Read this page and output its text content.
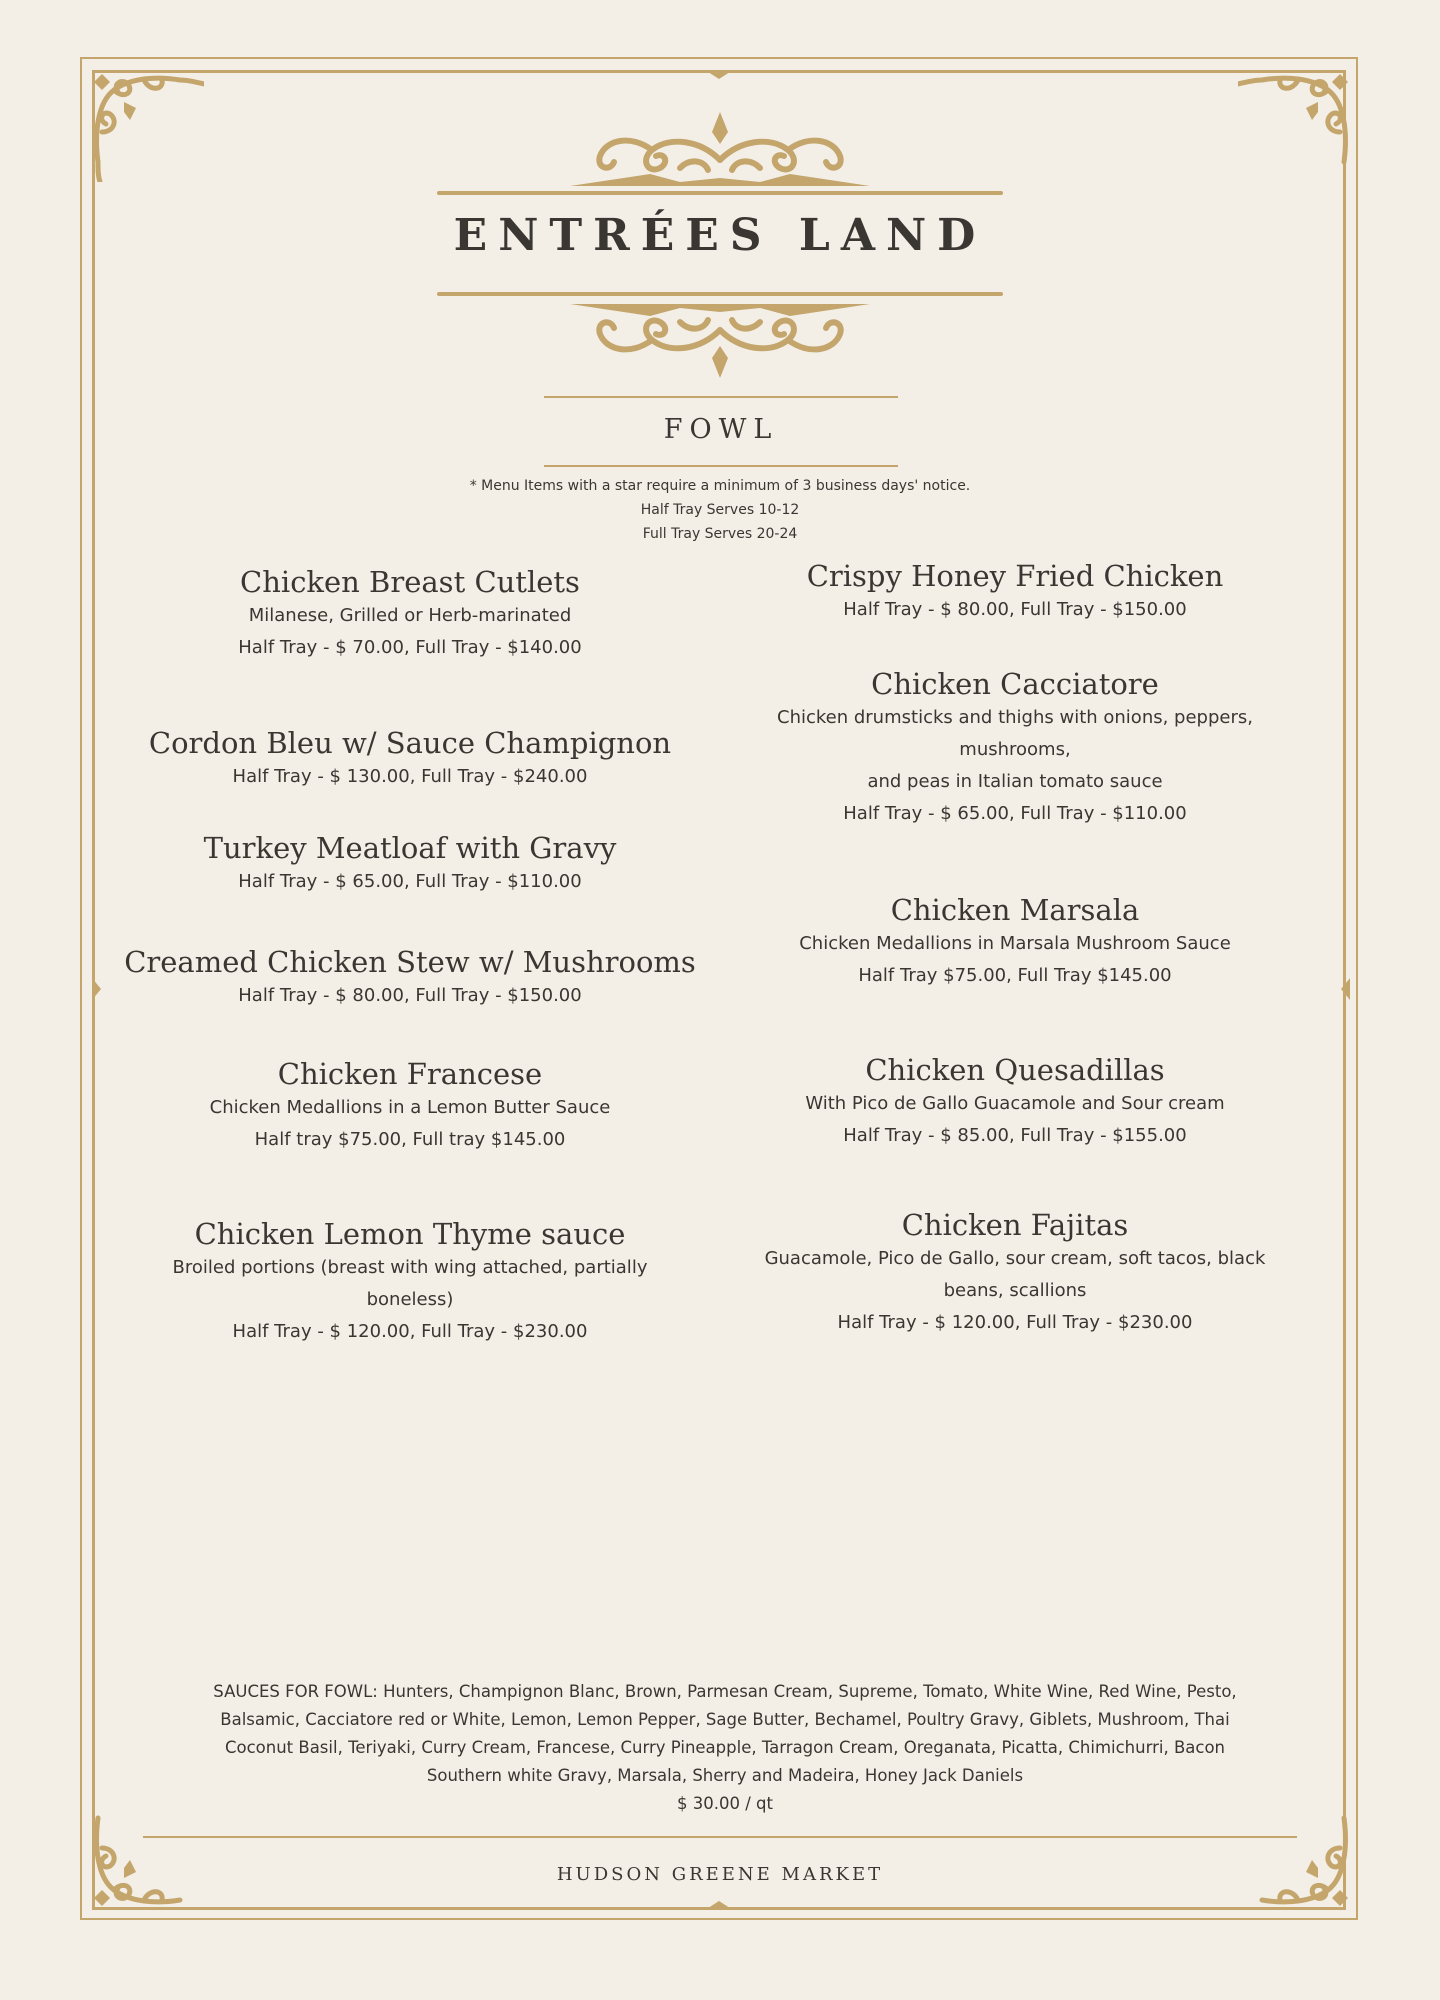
ENTRÉES LAND
FOWL
* Menu Items with a star require a minimum of 3 business days' notice.
Half Tray Serves 10-12
Full Tray Serves 20-24
Chicken Breast Cutlets
Milanese, Grilled or Herb-marinated
Half Tray - $ 70.00, Full Tray - $140.00
Cordon Bleu w/ Sauce Champignon
Half Tray - $ 130.00, Full Tray - $240.00
Turkey Meatloaf with Gravy
Half Tray - $ 65.00, Full Tray - $110.00
Creamed Chicken Stew w/ Mushrooms
Half Tray - $ 80.00, Full Tray - $150.00
Chicken Francese
Chicken Medallions in a Lemon Butter Sauce
Half tray $75.00, Full tray $145.00
Chicken Lemon Thyme sauce
Broiled portions (breast with wing attached, partially
boneless)
Half Tray - $ 120.00, Full Tray - $230.00
Crispy Honey Fried Chicken
Half Tray - $ 80.00, Full Tray - $150.00
Chicken Cacciatore
Chicken drumsticks and thighs with onions, peppers,
mushrooms,
and peas in Italian tomato sauce
Half Tray - $ 65.00, Full Tray - $110.00
Chicken Marsala
Chicken Medallions in Marsala Mushroom Sauce
Half Tray $75.00, Full Tray $145.00
Chicken Quesadillas
With Pico de Gallo Guacamole and Sour cream
Half Tray - $ 85.00, Full Tray - $155.00
Chicken Fajitas
Guacamole, Pico de Gallo, sour cream, soft tacos, black
beans, scallions
Half Tray - $ 120.00, Full Tray - $230.00
SAUCES FOR FOWL: Hunters, Champignon Blanc, Brown, Parmesan Cream, Supreme, Tomato, White Wine, Red Wine, Pesto,
Balsamic, Cacciatore red or White, Lemon, Lemon Pepper, Sage Butter, Bechamel, Poultry Gravy, Giblets, Mushroom, Thai
Coconut Basil, Teriyaki, Curry Cream, Francese, Curry Pineapple, Tarragon Cream, Oreganata, Picatta, Chimichurri, Bacon
Southern white Gravy, Marsala, Sherry and Madeira, Honey Jack Daniels
$ 30.00 / qt
HUDSON GREENE MARKET
